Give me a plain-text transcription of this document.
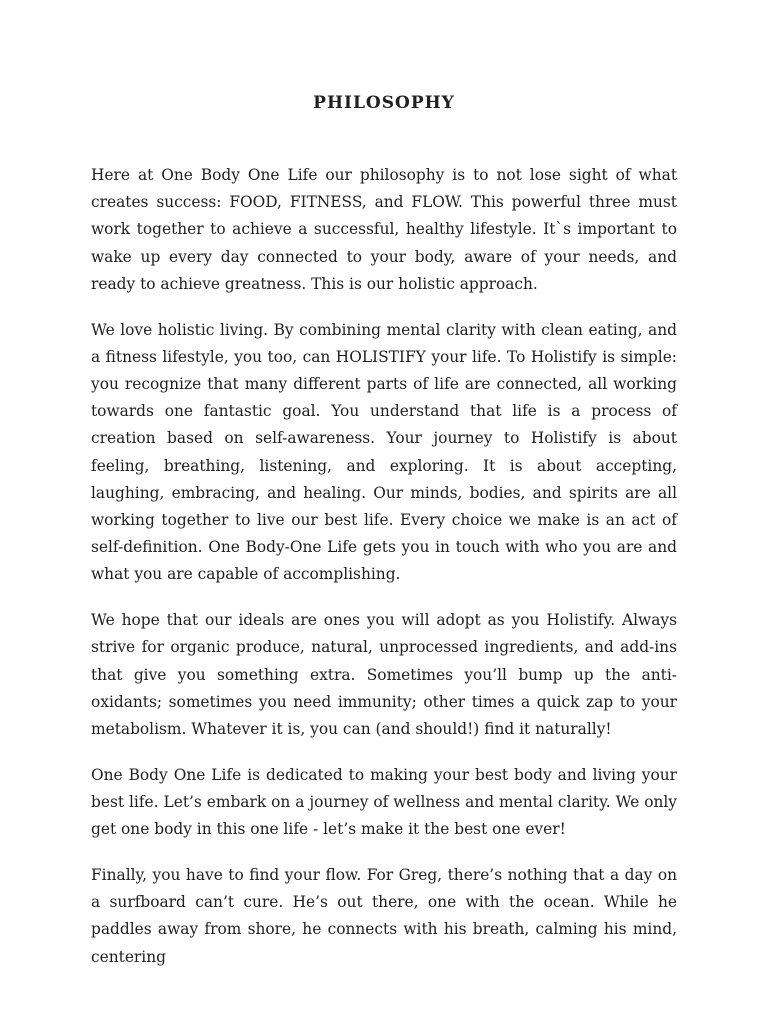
PHILOSOPHY

Here at One Body One Life our philosophy is to not lose sight of what creates success: FOOD, FITNESS, and FLOW. This powerful three must work together to achieve a successful, healthy lifestyle. It`s important to wake up every day connected to your body, aware of your needs, and ready to achieve greatness. This is our holistic approach.

We love holistic living. By combining mental clarity with clean eating, and a fitness lifestyle, you too, can HOLISTIFY your life. To Holistify is simple: you recognize that many different parts of life are connected, all working towards one fantastic goal. You understand that life is a process of creation based on self-awareness. Your journey to Holistify is about feeling, breathing, listening, and exploring. It is about accepting, laughing, embracing, and healing. Our minds, bodies, and spirits are all working together to live our best life. Every choice we make is an act of self-definition. One Body-One Life gets you in touch with who you are and what you are capable of accomplishing.

We hope that our ideals are ones you will adopt as you Holistify. Always strive for organic produce, natural, unprocessed ingredients, and add-ins that give you something extra. Sometimes you’ll bump up the anti-oxidants; sometimes you need immunity; other times a quick zap to your metabolism. Whatever it is, you can (and should!) find it naturally!

One Body One Life is dedicated to making your best body and living your best life. Let’s embark on a journey of wellness and mental clarity. We only get one body in this one life - let’s make it the best one ever!

Finally, you have to find your flow. For Greg, there’s nothing that a day on a surfboard can’t cure. He’s out there, one with the ocean. While he paddles away from shore, he connects with his breath, calming his mind, centering
